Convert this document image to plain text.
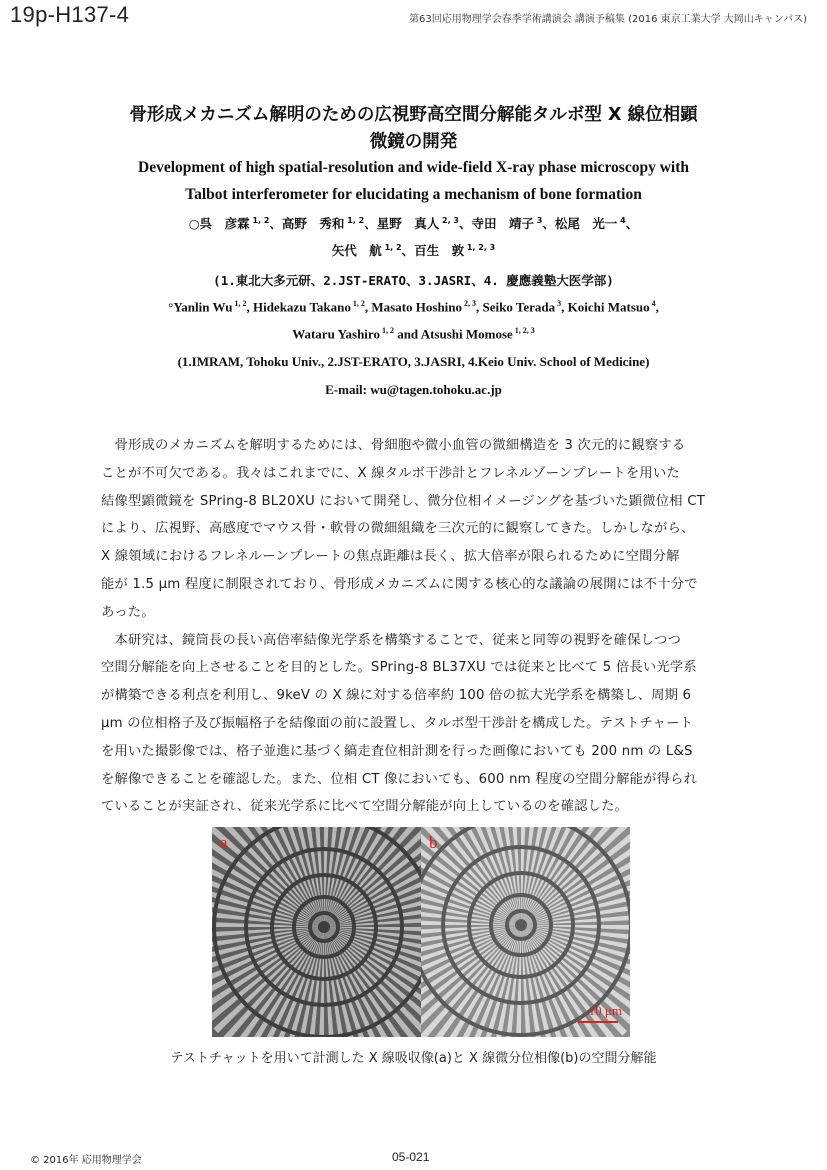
19p-H137-4	第63回応用物理学会春季学術講演会 講演予稿集 (2016 東京工業大学 大岡山キャンパス)
骨形成メカニズム解明のための広視野高空間分解能タルボ型 X 線位相顕
微鏡の開発
Development of high spatial-resolution and wide-field X-ray phase microscopy with
Talbot interferometer for elucidating a mechanism of bone formation
○呉　彦霖 $^{1, 2}$、高野　秀和 $^{1, 2}$、星野　真人 $^{2, 3}$、寺田　靖子 $^3$、松尾　光一 $^4$、
矢代　航 $^{1, 2}$、百生　敦 $^{1, 2, 3}$
(1.東北大多元研、2.JST-ERATO、3.JASRI、4. 慶應義塾大医学部)
°Yanlin Wu $^{1, 2}$, Hidekazu Takano $^{1, 2}$, Masato Hoshino $^{2, 3}$, Seiko Terada $^3$, Koichi Matsuo $^4$,
Wataru Yashiro $^{1, 2}$ and Atsushi Momose $^{1, 2, 3}$
(1.IMRAM, Tohoku Univ., 2.JST-ERATO, 3.JASRI, 4.Keio Univ. School of Medicine)
E-mail: wu@tagen.tohoku.ac.jp
　骨形成のメカニズムを解明するためには、骨細胞や微小血管の微細構造を 3 次元的に観察する
ことが不可欠である。我々はこれまでに、X 線タルボ干渉計とフレネルゾーンプレートを用いた
結像型顕微鏡を SPring-8 BL20XU において開発し、微分位相イメージングを基づいた顕微位相 CT
により、広視野、高感度でマウス骨・軟骨の微細組織を三次元的に観察してきた。しかしながら、
X 線領域におけるフレネルーンプレートの焦点距離は長く、拡大倍率が限られるために空間分解
能が 1.5 μm 程度に制限されており、骨形成メカニズムに関する核心的な議論の展開には不十分で
あった。
　本研究は、鏡筒長の長い高倍率結像光学系を構築することで、従来と同等の視野を確保しつつ
空間分解能を向上させることを目的とした。SPring-8 BL37XU では従来と比べて 5 倍長い光学系
が構築できる利点を利用し、9keV の X 線に対する倍率約 100 倍の拡大光学系を構築し、周期 6
μm の位相格子及び振幅格子を結像面の前に設置し、タルボ型干渉計を構成した。テストチャート
を用いた撮影像では、格子並進に基づく縞走査位相計測を行った画像においても 200 nm の L&S
を解像できることを確認した。また、位相 CT 像においても、600 nm 程度の空間分解能が得られ
ていることが実証され、従来光学系に比べて空間分解能が向上しているのを確認した。
a	b
10 μm
テストチャットを用いて計測した X 線吸収像(a)と X 線微分位相像(b)の空間分解能
© 2016年 応用物理学会	05-021
